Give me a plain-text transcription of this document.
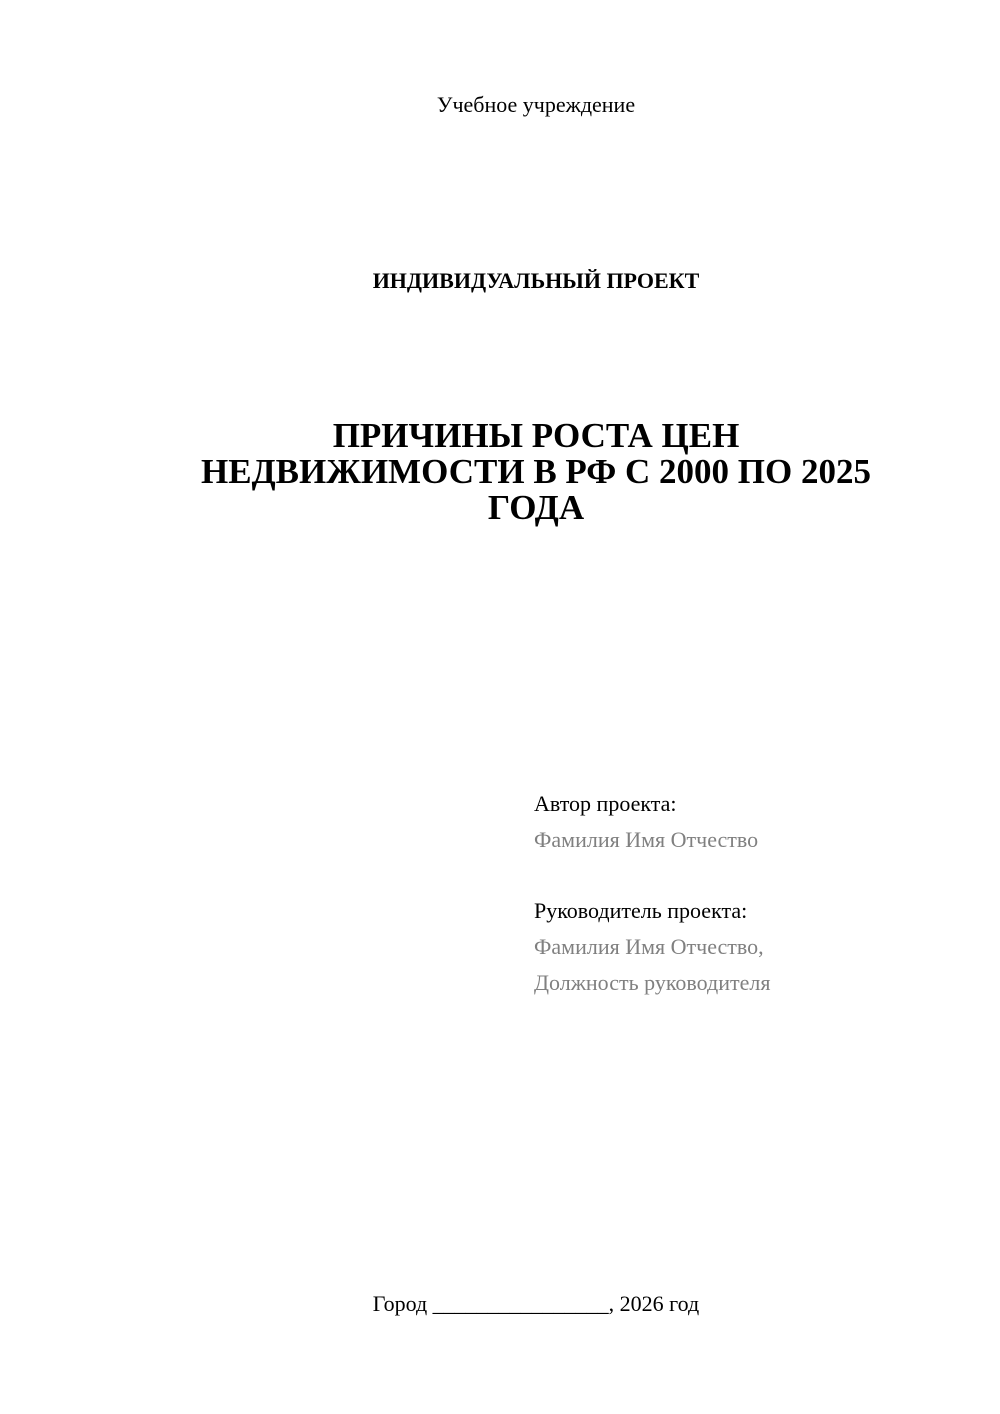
Учебное учреждение
ИНДИВИДУАЛЬНЫЙ ПРОЕКТ
ПРИЧИНЫ РОСТА ЦЕН
НЕДВИЖИМОСТИ В РФ С 2000 ПО 2025
ГОДА
Автор проекта:
Фамилия Имя Отчество
Руководитель проекта:
Фамилия Имя Отчество,
Должность руководителя
Город ________________, 2026 год
